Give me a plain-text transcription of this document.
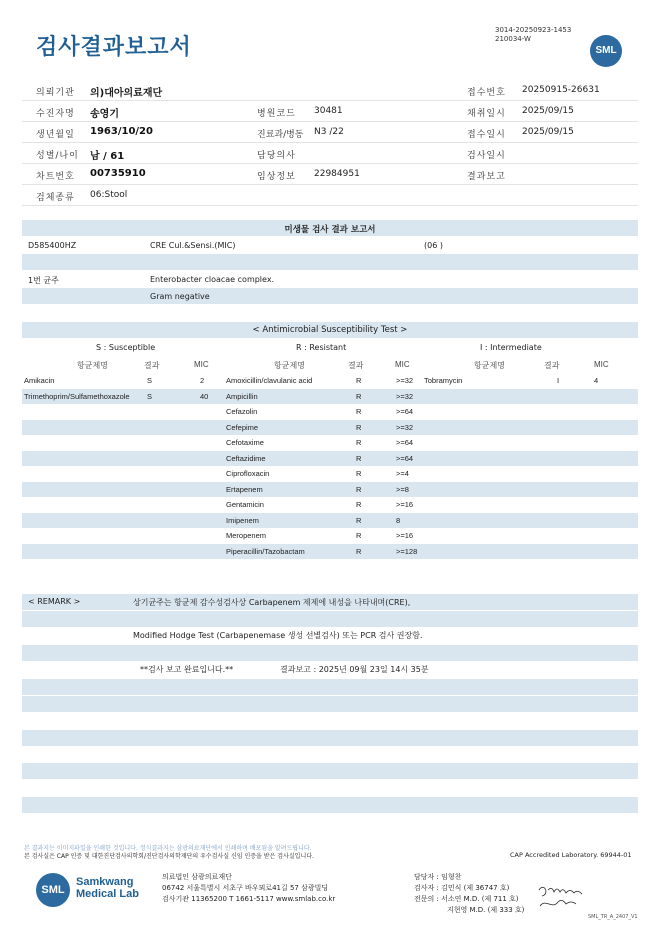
검사결과보고서
3014-20250923-1453
210034-W
SML
의뢰기관 의)대아의료재단	접수번호 20250915-26631
수진자명 송영기	병원코드 30481	채취일시 2025/09/15
생년월일 1963/10/20	진료과/병동 N3 /22	접수일시 2025/09/15
성별/나이 남 / 61	담당의사	검사일시
차트번호 00735910	임상정보 22984951	결과보고
검체종류 06:Stool
미생물 검사 결과 보고서
D585400HZ	CRE Cul.&Sensi.(MIC)	(06 )
1번 균주	Enterobacter cloacae complex.
Gram negative
< Antimicrobial Susceptibility Test >
S : Susceptible	R : Resistant	I : Intermediate
항균제명	결과	MIC	항균제명	결과	MIC	항균제명	결과	MIC
Amikacin	S	2	Amoxicillin/clavulanic acid	R	>=32 Tobramycin	I	4
Trimethoprim/Sulfamethoxazole S	40 Ampicillin	R	>=32
Cefazolin	R	>=64
Cefepime	R	>=32
Cefotaxime	R	>=64
Ceftazidime	R	>=64
Ciprofloxacin	R	>=4
Ertapenem	R	>=8
Gentamicin	R	>=16
Imipenem	R	8
Meropenem	R	>=16
Piperacillin/Tazobactam	R	>=128
< REMARK >	상기균주는 항균제 감수성검사상 Carbapenem 제제에 내성을 나타내며(CRE),
Modified Hodge Test (Carbapenemase 생성 선별검사) 또는 PCR 검사 권장함.
**검사 보고 완료입니다.**	결과보고 : 2025년 09월 23일 14시 35분
본 결과지는 이미지파일을 인쇄한 것입니다. 정식결과지는 삼광의료재단에서 인쇄하며 배포됨을 알려드립니다.
본 검사실은 CAP 인증 및 대한진단검사의학회/진단검사의학재단의 우수검사실 신임 인증을 받은 검사실입니다.	CAP Accredited Laboratory. 69944-01
SML
Samkwang
Medical Lab
의료법인 삼광의료재단
06742 서울특별시 서초구 바우뫼로41길 57 삼광빌딩
검사기관 11365200 T 1661-5117 www.smlab.co.kr
담당자 : 임형찬
검사자 : 김민식 (제 36747 호)
전문의 : 서소연 M.D. (제 711 호)
지현영 M.D. (제 333 호)
SML_TR_A_2407_V1
